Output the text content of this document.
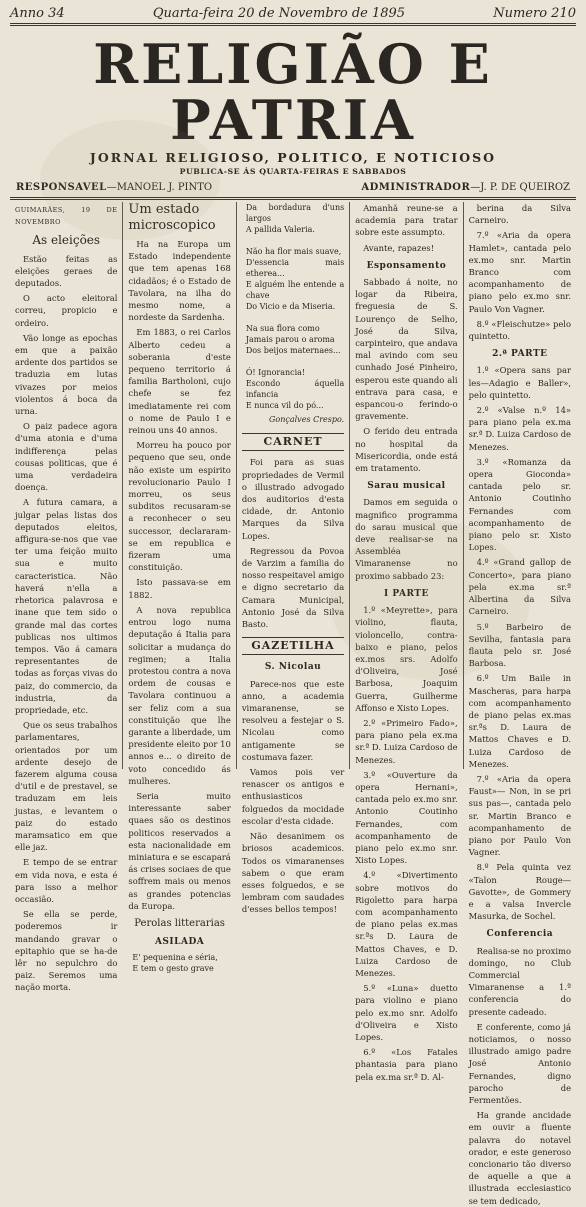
Anno 34	Quarta-feira 20 de Novembro de 1895	Numero 210
RELIGIÃO E PATRIA
JORNAL RELIGIOSO, POLITICO, E NOTICIOSO
PUBLICA-SE ÁS QUARTA-FEIRAS E SABBADOS
RESPONSAVEL—MANOEL J. PINTO	ADMINISTRADOR—J. P. DE QUEIROZ
GUIMARÃES, 19 DE NOVEMBRO
As eleições

Estão feitas as eleições geraes de deputados.

O acto eleitoral correu, propicio e ordeiro.

Vão longe as epochas em que a paixão ardente dos partidos se traduzia em lutas vivazes por meios violentos á boca da urna.

O paiz padece agora d'uma atonia e d'uma indifferença pelas cousas politicas, que é uma verdadeira doença.

A futura camara, a julgar pelas listas dos deputados eleitos, affigura-se-nos que vae ter uma feição muito sua e muito caracteristica. Não haverá n'ella a rhetorica palavrosa e inane que tem sido o grande mal das cortes publicas nos ultimos tempos. Vão á camara representantes de todas as forças vivas do paiz, do commercio, da industria, da propriedade, etc.

Que os seus trabalhos parlamentares, orientados por um ardente desejo de fazerem alguma cousa d'util e de prestavel, se traduzam em leis justas, e levantem o paiz do estado maramsatico em que elle jaz.

E tempo de se entrar em vida nova, e esta é para isso a melhor occasião.

Se ella se perde, poderemos ir mandando gravar o epitaphio que se ha-de lêr no sepulchro do paiz. Seremos uma nação morta.

Um estado microscopico

Ha na Europa um Estado independente que tem apenas 168 cidadãos; é o Estado de Tavolara, na ilha do mesmo nome, a nordeste da Sardenha.

Em 1883, o rei Carlos Alberto cedeu a soberania d'este pequeno territorio á familia Bartholoni, cujo chefe se fez imediatamente rei com o nome de Paulo I e reinou uns 40 annos.

Morreu ha pouco por pequeno que seu, onde não existe um espirito revolucionario Paulo I morreu, os seus subditos recusaram-se a reconhecer o seu successor, declararam-se em republica e fizeram uma constituição.

Isto passava-se em 1882.

A nova republica entrou logo numa deputação á Italia para solicitar a mudança do regimen; a Italia protestou contra a nova ordem de cousas e Tavolara continuou a ser feliz com a sua constituição que lhe garante a liberdade, um presidente eleito por 10 annos e... o direito de voto concedido ás mulheres.

Seria muito interessante saber quaes são os destinos politicos reservados a esta nacionalidade em miniatura e se escapará ás crises sociaes de que soffrem mais ou menos as grandes potencias da Europa.

Perolas litterarias
ASILADA
E' pequenina e séria,
E tem o gesto grave
Da bordadura d'uns largos
A pallida Valeria.

Não ha flor mais suave,
D'essencia mais etherea...
E alguém lhe entende a chave
Do Vicio e da Miseria.

Na sua flora como
Jamais parou o aroma
Dos beijos maternaes...

Ó! Ignorancia!
Escondo áquella infancia
E nunca vil do pó...
Gonçalves Crespo.
CARNET

Foi para as suas propriedades de Vermil o illustrado advogado dos auditorios d'esta cidade, dr. Antonio Marques da Silva Lopes.

Regressou da Povoa de Varzim a familia do nosso respeitavel amigo e digno secretario da Camara Municipal, Antonio José da Silva Basto.

GAZETILHA
S. Nicolau

Parece-nos que este anno, a academia vimaranense, se resolveu a festejar o S. Nicolau como antigamente se costumava fazer.

Vamos pois ver renascer os antigos e enthusiasticos folguedos da mocidade escolar d'esta cidade.

Não desanimem os briosos academicos. Todos os vimaranenses sabem o que eram esses folguedos, e se lembram com saudades d'esses bellos tempos!

Amanhã reune-se a academia para tratar sobre este assumpto.

Avante, rapazes!

Esponsamento

Sabbado á noite, no logar da Ribeira, freguesia de S. Lourenço de Selho, José da Silva, carpinteiro, que andava mal avindo com seu cunhado José Pinheiro, esperou este quando ali entrava para casa, e espancou-o ferindo-o gravemente.

O ferido deu entrada no hospital da Misericordia, onde está em tratamento.

Sarau musical

Damos em seguida o magnifico programma do sarau musical que deve realisar-se na Assembléa Vimaranense no proximo sabbado 23:

I PARTE

1.º «Meyrette», para violino, flauta, violoncello, contra-baixo e piano, pelos ex.mos srs. Adolfo d'Oliveira, José Barbosa, Joaquim Guerra, Guilherme Affonso e Xisto Lopes.

2.º «Primeiro Fado», para piano pela ex.ma sr.ª D. Luiza Cardoso de Menezes.

3.º «Ouverture da opera Hernani», cantada pelo ex.mo snr. Antonio Coutinho Fernandes, com acompanhamento de piano pelo ex.mo snr. Xisto Lopes.

4.º «Divertimento sobre motivos do Rigoletto para harpa com acompanhamento de piano pelas ex.mas sr.ªs D. Laura de Mattos Chaves, e D. Luiza Cardoso de Menezes.

5.º «Luna» duetto para violino e piano pelo ex.mo snr. Adolfo d'Oliveira e Xisto Lopes.

6.º «Los Fatales phantasia para piano pela ex.ma sr.ª D. Al-

berina da Silva Carneiro.

7.º «Aria da opera Hamlet», cantada pelo ex.mo snr. Martin Branco com acompanhamento de piano pelo ex.mo snr. Paulo Von Vagner.

8.º «Fleischutze» pelo quintetto.

2.ª PARTE

1.º «Opera sans par les—Adagio e Baller», pelo quintetto.

2.º «Valse n.º 14» para piano pela ex.ma sr.ª D. Luiza Cardoso de Menezes.

3.º «Romanza da opera Gioconda» cantada pelo sr. Antonio Coutinho Fernandes com acompanhamento de piano pelo sr. Xisto Lopes.

4.º «Grand gallop de Concerto», para piano pela ex.ma sr.ª Albertina da Silva Carneiro.

5.º Barbeiro de Sevilha, fantasia para flauta pelo sr. José Barbosa.

6.º Um Baile in Mascheras, para harpa com acompanhamento de piano pelas ex.mas sr.ªs D. Laura de Mattos Chaves e D. Luiza Cardoso de Menezes.

7.º «Aria da opera Faust»— Non, in se pri sus pas—, cantada pelo sr. Martin Branco e acompanhamento de piano por Paulo Von Vagner.

8.º Pela quinta vez «Talon Rouge—Gavotte», de Gommery e a valsa Invercle Masurka, de Sochel.

Conferencia

Realisa-se no proximo domingo, no Club Commercial Vimaranense a 1.ª conferencia do presente cadeado.

E conferente, como já noticiamos, o nosso illustrado amigo padre José Antonio Fernandes, digno parocho de Fermentões.

Ha grande ancidade em ouvir a fluente palavra do notavel orador, e este generoso concionario tão diverso de aquelle a que a illustrada ecclesiastico se tem dedicado,
